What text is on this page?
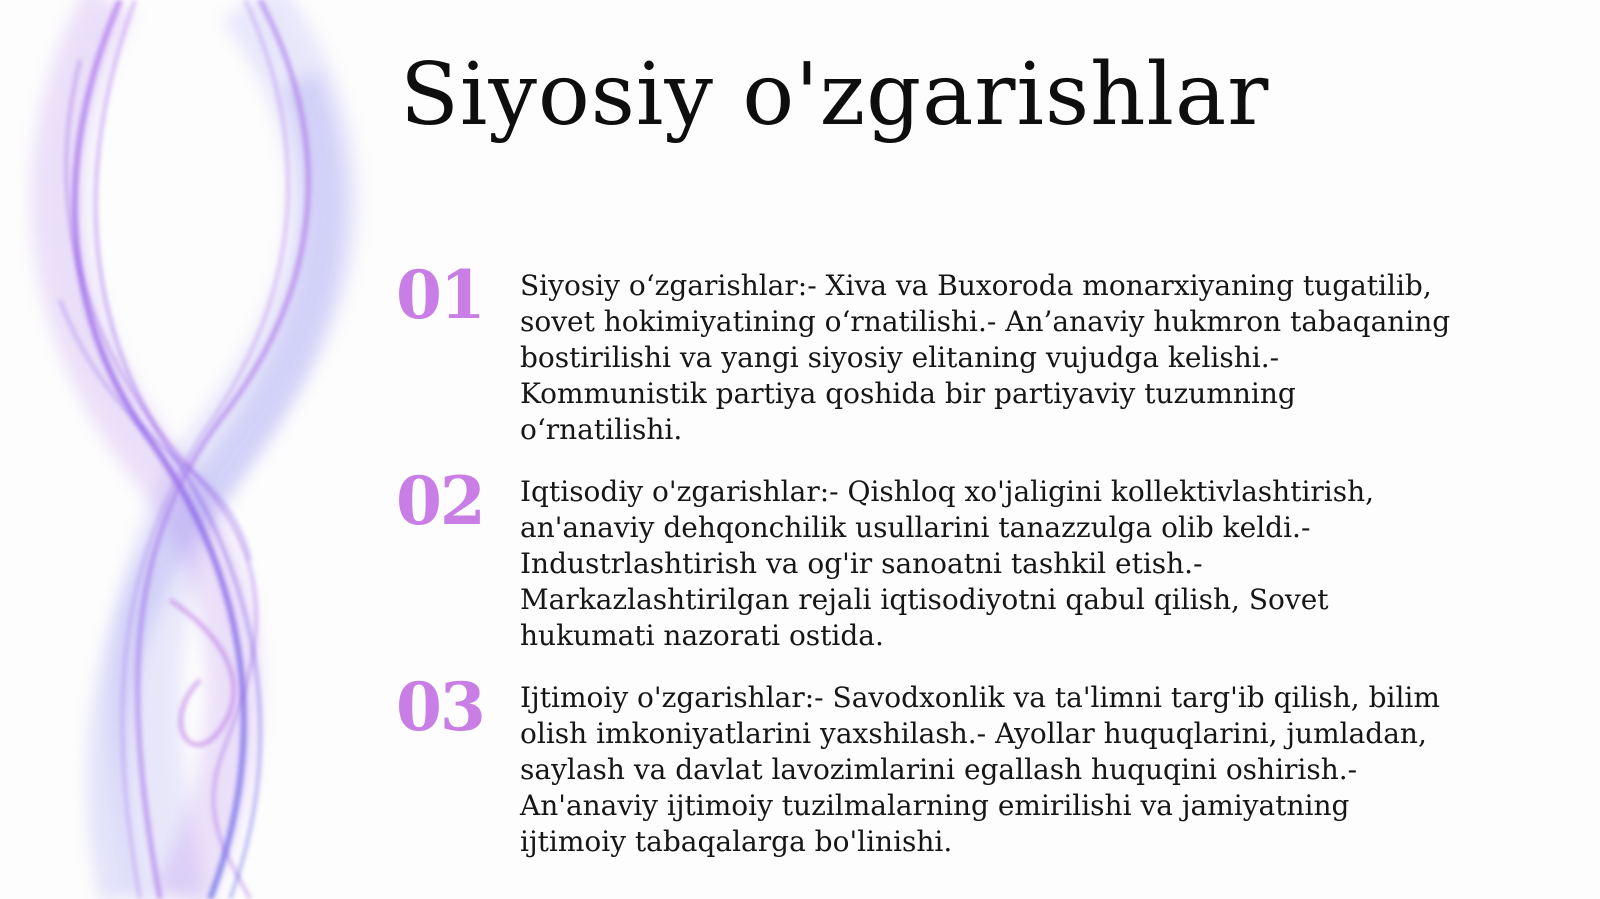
Siyosiy o'zgarishlar
01	Siyosiy o‘zgarishlar:- Xiva va Buxoroda monarxiyaning tugatilib, sovet hokimiyatining o‘rnatilishi.- An’anaviy hukmron tabaqaning bostirilishi va yangi siyosiy elitaning vujudga kelishi.- Kommunistik partiya qoshida bir partiyaviy tuzumning o‘rnatilishi.

02	Iqtisodiy o'zgarishlar:- Qishloq xo'jaligini kollektivlashtirish, an'anaviy dehqonchilik usullarini tanazzulga olib keldi.- Industrlashtirish va og'ir sanoatni tashkil etish.- Markazlashtirilgan rejali iqtisodiyotni qabul qilish, Sovet hukumati nazorati ostida.

03	Ijtimoiy o'zgarishlar:- Savodxonlik va ta'limni targ'ib qilish, bilim olish imkoniyatlarini yaxshilash.- Ayollar huquqlarini, jumladan, saylash va davlat lavozimlarini egallash huquqini oshirish.- An'anaviy ijtimoiy tuzilmalarning emirilishi va jamiyatning ijtimoiy tabaqalarga bo'linishi.
